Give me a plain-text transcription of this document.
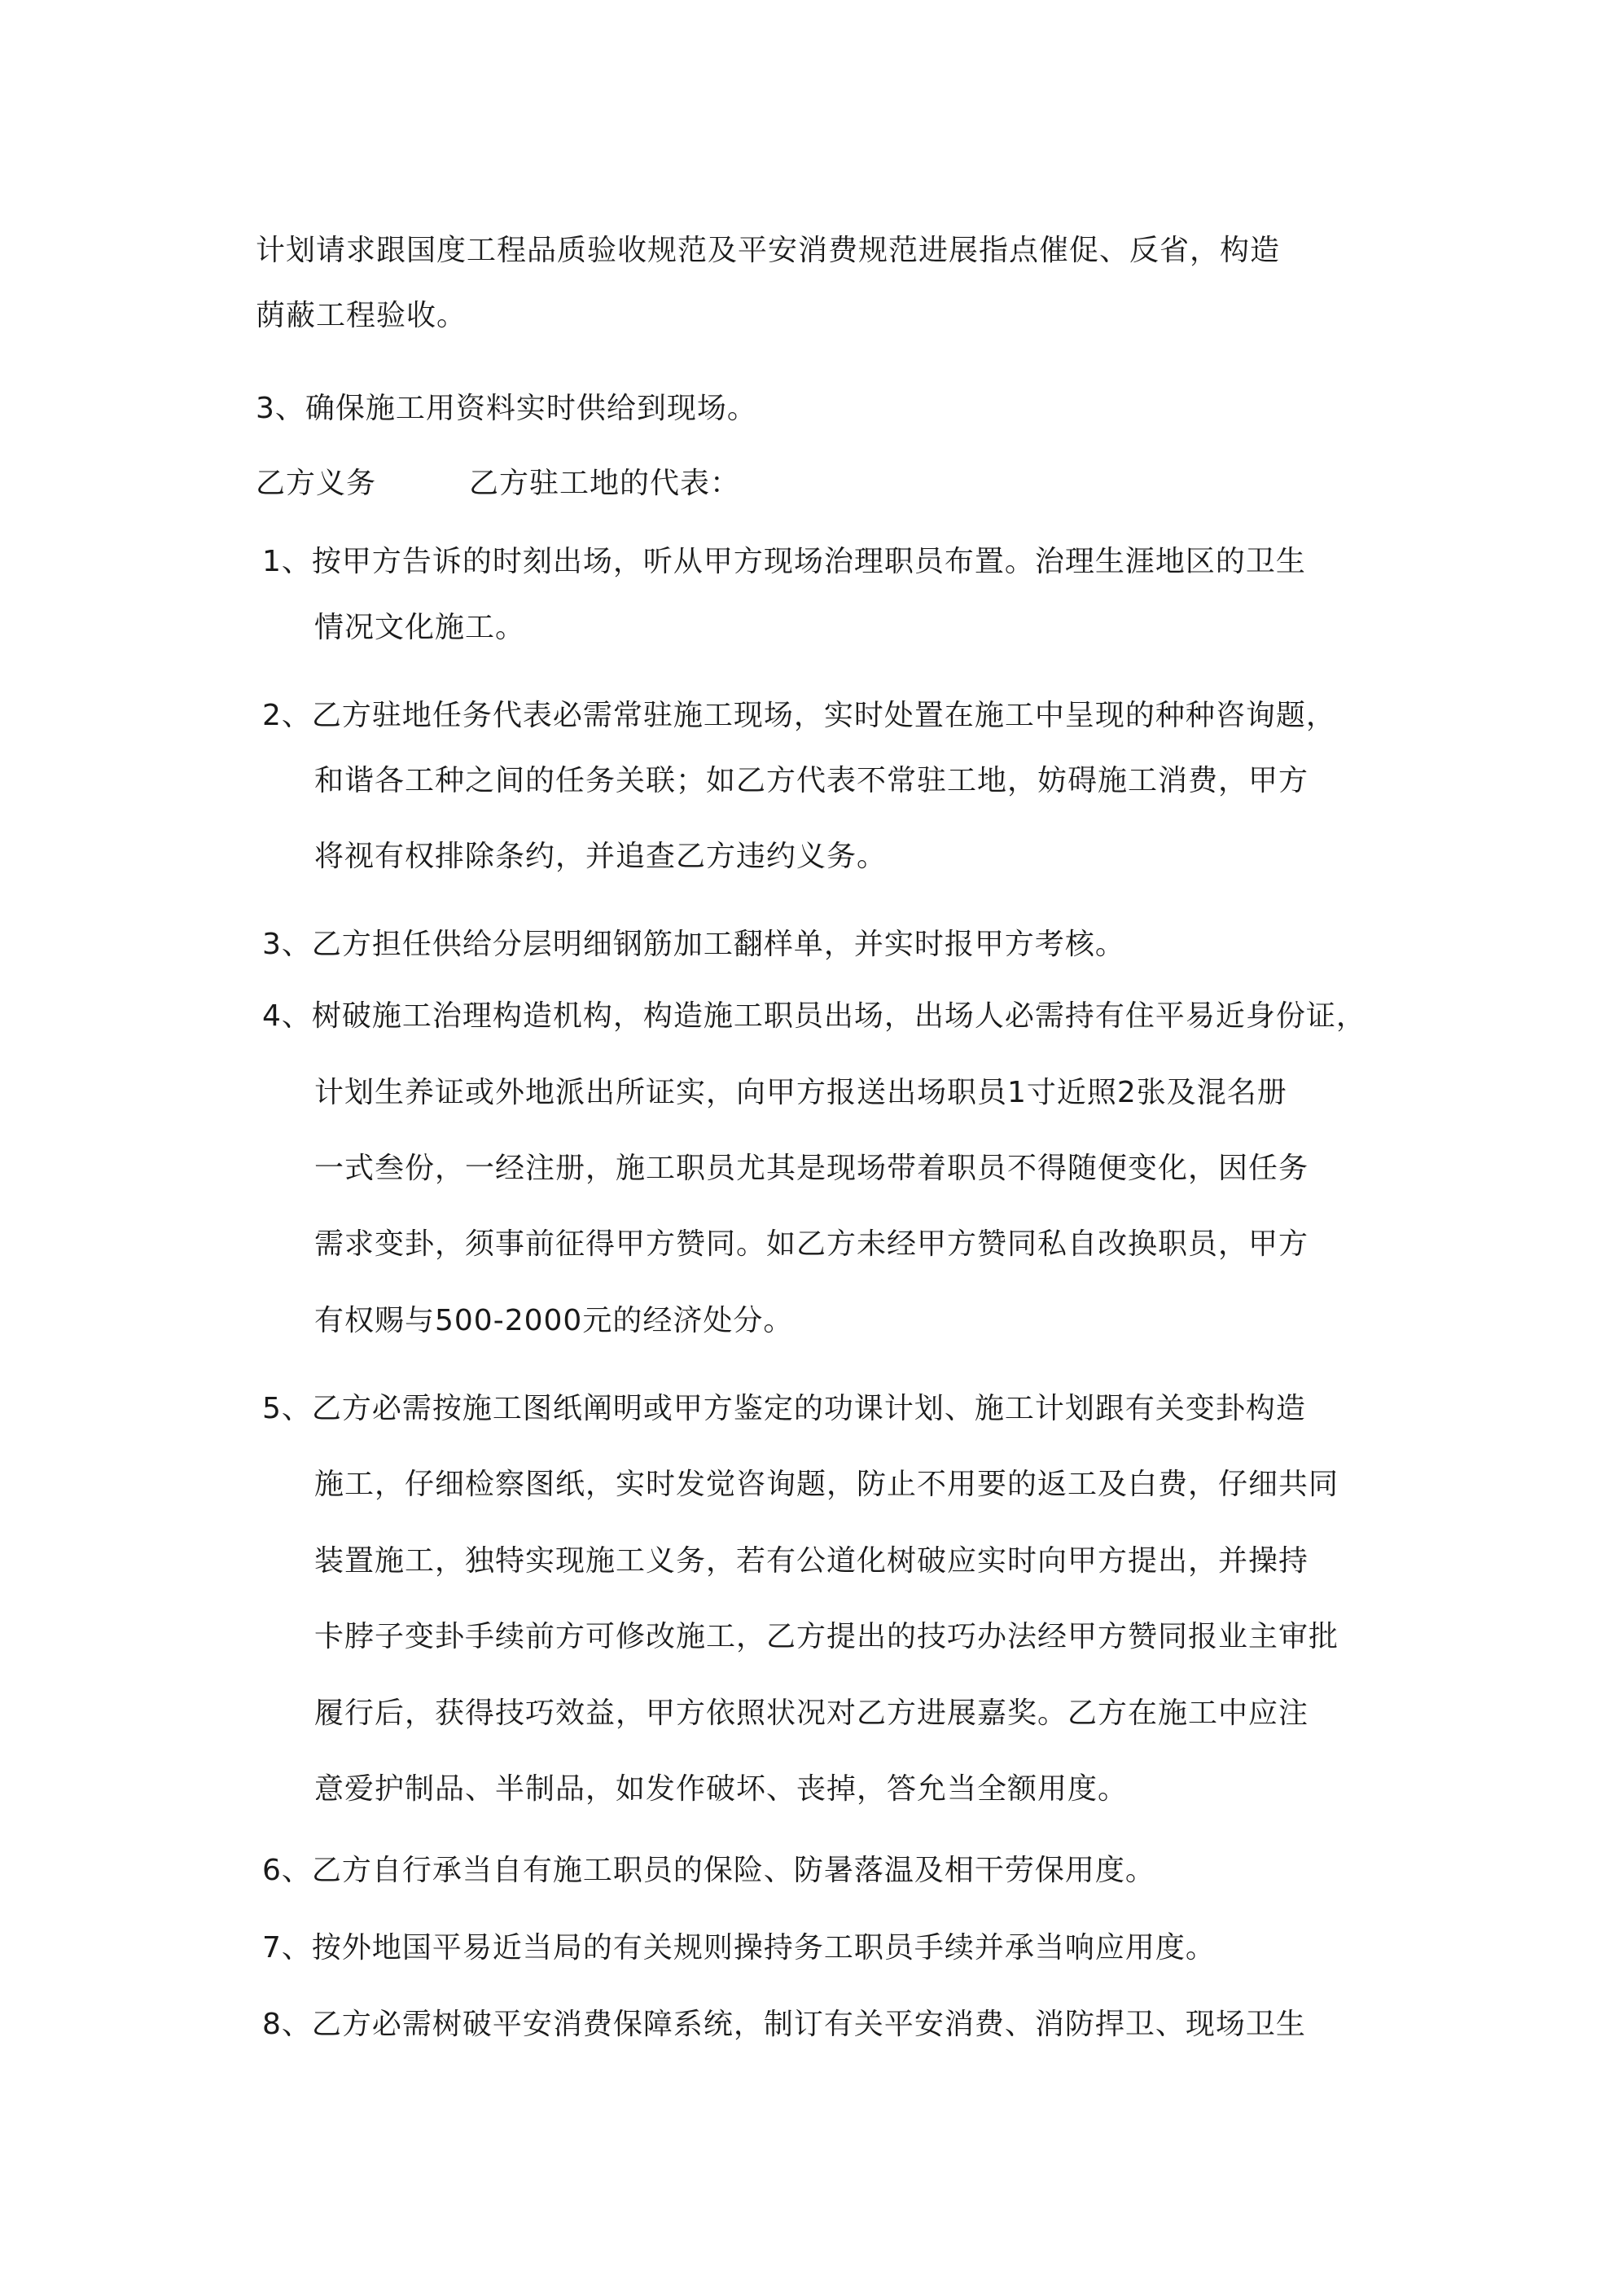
计划请求跟国度工程品质验收规范及平安消费规范进展指点催促、反省，构造
荫蔽工程验收。
3、确保施工用资料实时供给到现场。
乙方义务	乙方驻工地的代表：
1、按甲方告诉的时刻出场，听从甲方现场治理职员布置。治理生涯地区的卫生
情况文化施工。
2、乙方驻地任务代表必需常驻施工现场，实时处置在施工中呈现的种种咨询题，
和谐各工种之间的任务关联；如乙方代表不常驻工地，妨碍施工消费，甲方
将视有权排除条约，并追查乙方违约义务。
3、乙方担任供给分层明细钢筋加工翻样单，并实时报甲方考核。
4、树破施工治理构造机构，构造施工职员出场，出场人必需持有住平易近身份证，
计划生养证或外地派出所证实，向甲方报送出场职员1寸近照2张及混名册
一式叁份，一经注册，施工职员尤其是现场带着职员不得随便变化，因任务
需求变卦，须事前征得甲方赞同。如乙方未经甲方赞同私自改换职员，甲方
有权赐与500-2000元的经济处分。
5、乙方必需按施工图纸阐明或甲方鉴定的功课计划、施工计划跟有关变卦构造
施工，仔细检察图纸，实时发觉咨询题，防止不用要的返工及白费，仔细共同
装置施工，独特实现施工义务，若有公道化树破应实时向甲方提出，并操持
卡脖子变卦手续前方可修改施工，乙方提出的技巧办法经甲方赞同报业主审批
履行后，获得技巧效益，甲方依照状况对乙方进展嘉奖。乙方在施工中应注
意爱护制品、半制品，如发作破坏、丧掉，答允当全额用度。
6、乙方自行承当自有施工职员的保险、防暑落温及相干劳保用度。
7、按外地国平易近当局的有关规则操持务工职员手续并承当响应用度。
8、乙方必需树破平安消费保障系统，制订有关平安消费、消防捍卫、现场卫生
